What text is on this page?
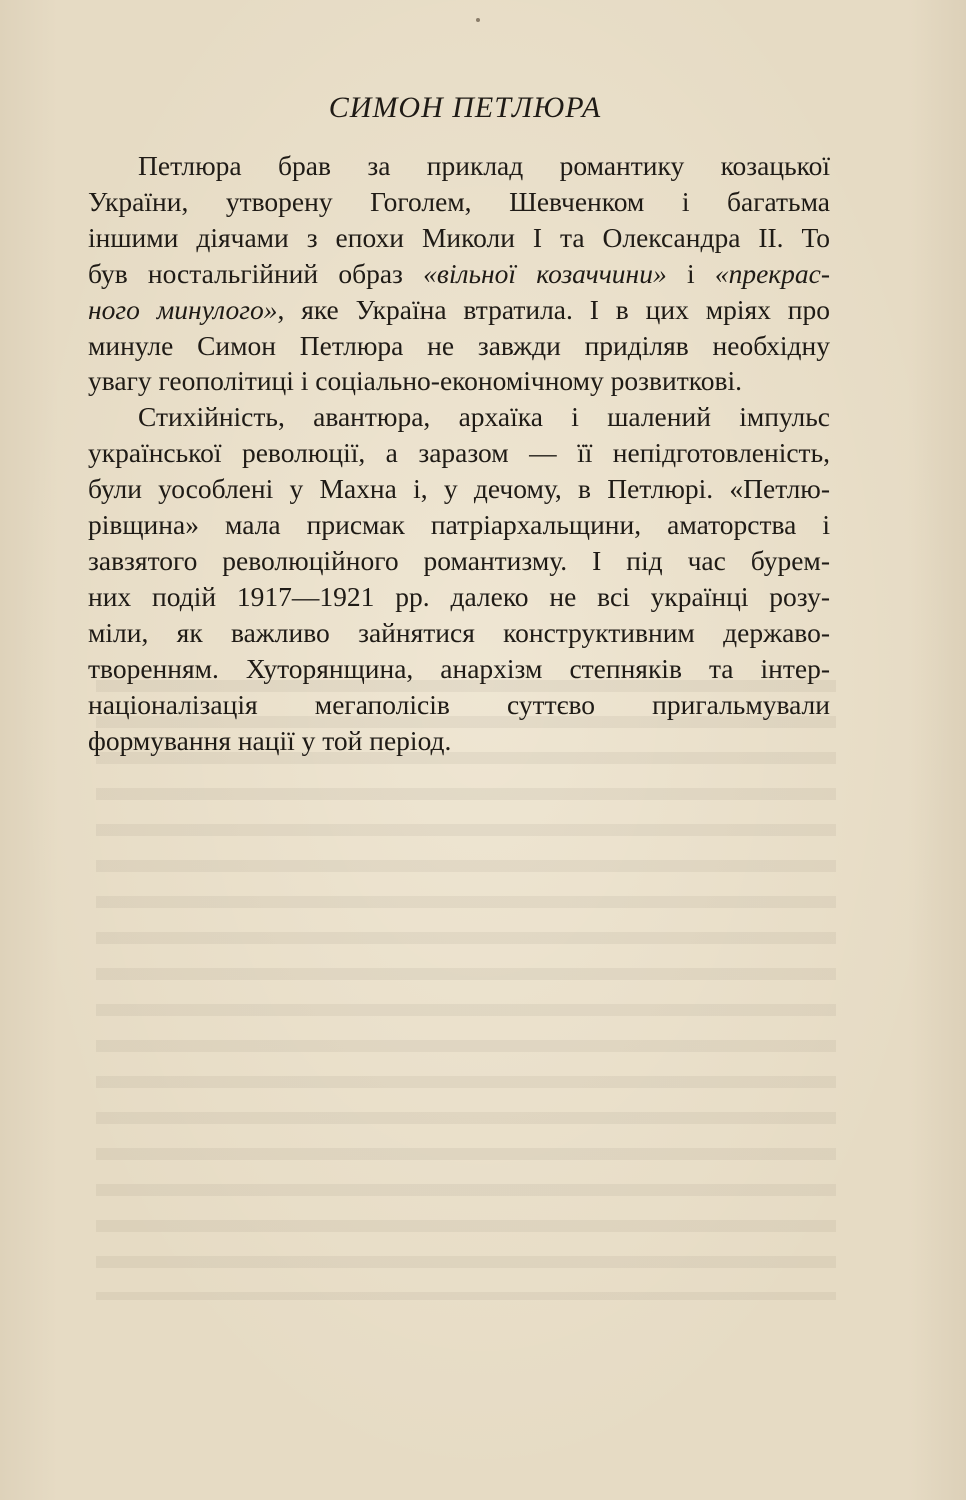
СИМОН ПЕТЛЮРА
Петлюра брав за приклад романтику козацької
України, утворену Гоголем, Шевченком і багатьма
іншими діячами з епохи Миколи І та Олександра II. То
був ностальгійний образ «вільної козаччини» і «прекрас-
ного минулого», яке Україна втратила. І в цих мріях про
минуле Симон Петлюра не завжди приділяв необхідну
увагу геополітиці і соціально-економічному розвиткові.
Стихійність, авантюра, архаїка і шалений імпульс
української революції, а заразом — її непідготовленість,
були уособлені у Махна і, у дечому, в Петлюрі. «Петлю-
рівщина» мала присмак патріархальщини, аматорства і
завзятого революційного романтизму. І під час бурем-
них подій 1917—1921 рр. далеко не всі українці розу-
міли, як важливо зайнятися конструктивним державо-
творенням. Хуторянщина, анархізм степняків та інтер-
націоналізація мегаполісів суттєво пригальмували
формування нації у той період.
